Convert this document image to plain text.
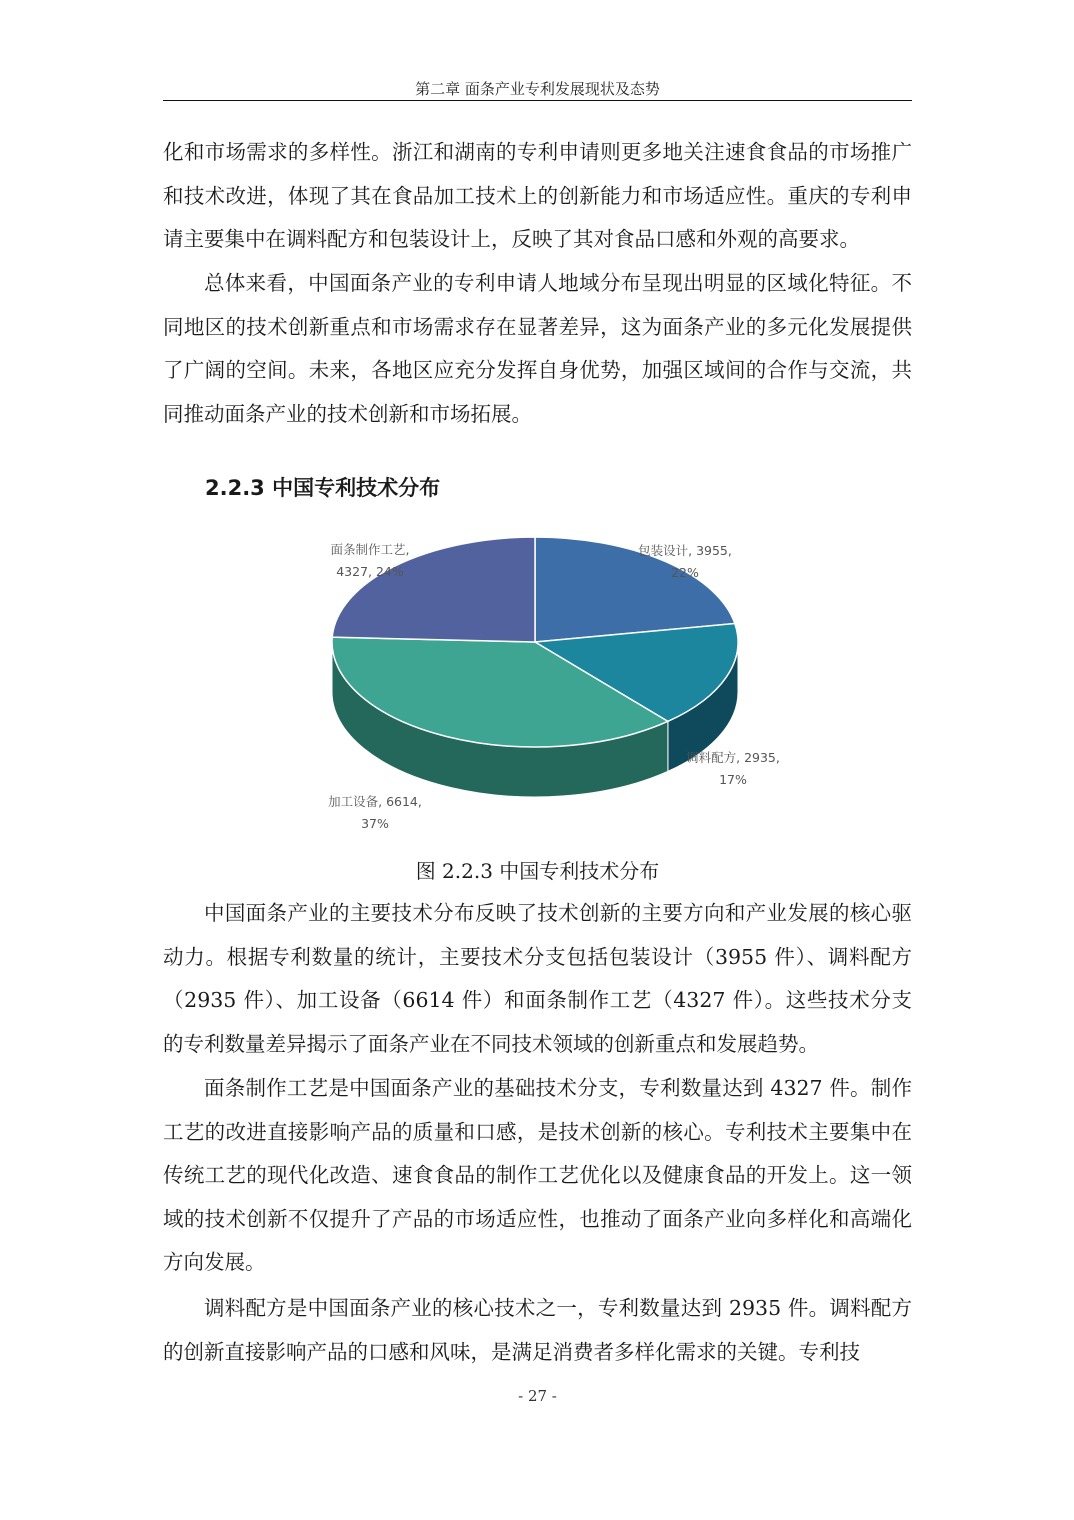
第二章 面条产业专利发展现状及态势

化和市场需求的多样性。浙江和湖南的专利申请则更多地关注速食食品的市场推广和技术改进，体现了其在食品加工技术上的创新能力和市场适应性。重庆的专利申请主要集中在调料配方和包装设计上，反映了其对食品口感和外观的高要求。

总体来看，中国面条产业的专利申请人地域分布呈现出明显的区域化特征。不同地区的技术创新重点和市场需求存在显著差异，这为面条产业的多元化发展提供了广阔的空间。未来，各地区应充分发挥自身优势，加强区域间的合作与交流，共同推动面条产业的技术创新和市场拓展。

2.2.3 中国专利技术分布
包装设计, 3955, 22%
调料配方, 2935, 17%
加工设备, 6614, 37%
面条制作工艺, 4327, 24%
图 2.2.3 中国专利技术分布

中国面条产业的主要技术分布反映了技术创新的主要方向和产业发展的核心驱动力。根据专利数量的统计，主要技术分支包括包装设计（3955 件）、调料配方（2935 件）、加工设备（6614 件）和面条制作工艺（4327 件）。这些技术分支的专利数量差异揭示了面条产业在不同技术领域的创新重点和发展趋势。

面条制作工艺是中国面条产业的基础技术分支，专利数量达到 4327 件。制作工艺的改进直接影响产品的质量和口感，是技术创新的核心。专利技术主要集中在传统工艺的现代化改造、速食食品的制作工艺优化以及健康食品的开发上。这一领域的技术创新不仅提升了产品的市场适应性，也推动了面条产业向多样化和高端化方向发展。

调料配方是中国面条产业的核心技术之一，专利数量达到 2935 件。调料配方的创新直接影响产品的口感和风味，是满足消费者多样化需求的关键。专利技

- 27 -
